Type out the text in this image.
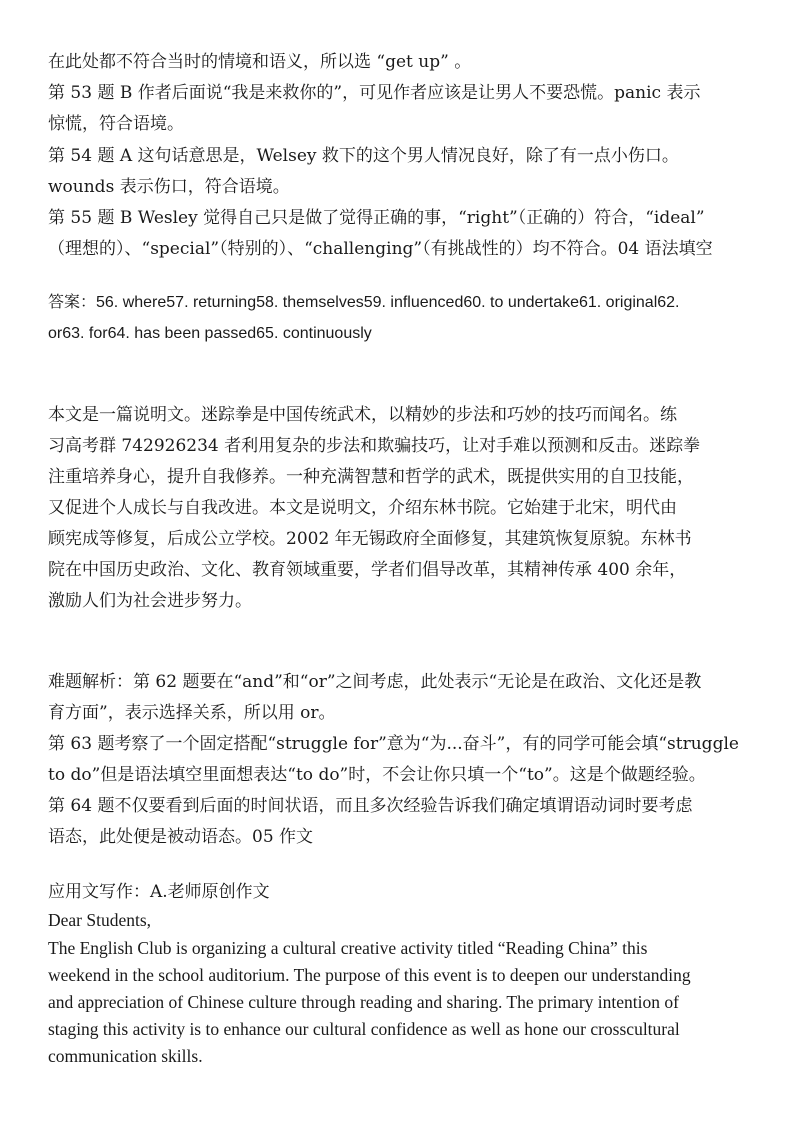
在此处都不符合当时的情境和语义，所以选 “get up” 。
第 53 题 B 作者后面说“我是来救你的”，可见作者应该是让男人不要恐慌。panic 表示
惊慌，符合语境。
第 54 题 A 这句话意思是，Welsey 救下的这个男人情况良好，除了有一点小伤口。
wounds 表示伤口，符合语境。
第 55 题 B Wesley 觉得自己只是做了觉得正确的事，“right”（正确的）符合，“ideal”
（理想的）、“special”（特别的）、“challenging”（有挑战性的）均不符合。04 语法填空
答案：56. where57. returning58. themselves59. influenced60. to undertake61. original62.
or63. for64. has been passed65. continuously
本文是一篇说明文。迷踪拳是中国传统武术，以精妙的步法和巧妙的技巧而闻名。练
习高考群 742926234 者利用复杂的步法和欺骗技巧，让对手难以预测和反击。迷踪拳
注重培养身心，提升自我修养。一种充满智慧和哲学的武术，既提供实用的自卫技能，
又促进个人成长与自我改进。本文是说明文，介绍东林书院。它始建于北宋，明代由
顾宪成等修复，后成公立学校。2002 年无锡政府全面修复，其建筑恢复原貌。东林书
院在中国历史政治、文化、教育领域重要，学者们倡导改革，其精神传承 400 余年，
激励人们为社会进步努力。
难题解析：第 62 题要在“and”和“or”之间考虑，此处表示“无论是在政治、文化还是教
育方面”，表示选择关系，所以用 or。
第 63 题考察了一个固定搭配“struggle for”意为“为...奋斗”，有的同学可能会填“struggle
to do”但是语法填空里面想表达“to do”时，不会让你只填一个“to”。这是个做题经验。
第 64 题不仅要看到后面的时间状语，而且多次经验告诉我们确定填谓语动词时要考虑
语态，此处便是被动语态。05 作文
应用文写作：A.老师原创作文
Dear Students,
The English Club is organizing a cultural creative activity titled “Reading China” this
weekend in the school auditorium. The purpose of this event is to deepen our understanding
and appreciation of Chinese culture through reading and sharing. The primary intention of
staging this activity is to enhance our cultural confidence as well as hone our crosscultural
communication skills.
